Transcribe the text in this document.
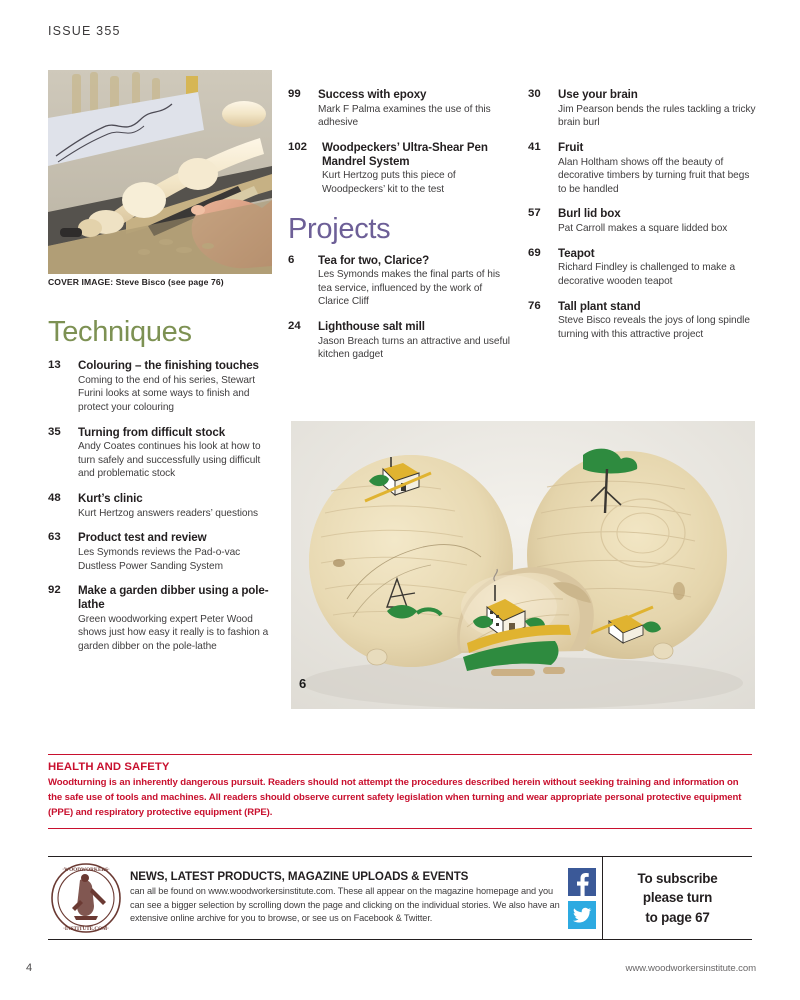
ISSUE 355
COVER IMAGE: Steve Bisco (see page 76)
Techniques
13 Colouring – the finishing touches
Coming to the end of his series, Stewart Furini looks at some ways to finish and protect your colouring
35 Turning from difficult stock
Andy Coates continues his look at how to turn safely and successfully using difficult and problematic stock
48 Kurt’s clinic
Kurt Hertzog answers readers’ questions
63 Product test and review
Les Symonds reviews the Pad-o-vac Dustless Power Sanding System
92 Make a garden dibber using a pole-lathe
Green woodworking expert Peter Wood shows just how easy it really is to fashion a garden dibber on the pole-lathe
99 Success with epoxy
Mark F Palma examines the use of this adhesive
102 Woodpeckers’ Ultra-Shear Pen Mandrel System
Kurt Hertzog puts this piece of Woodpeckers’ kit to the test
Projects
6 Tea for two, Clarice?
Les Symonds makes the final parts of his tea service, influenced by the work of Clarice Cliff
24 Lighthouse salt mill
Jason Breach turns an attractive and useful kitchen gadget
30 Use your brain
Jim Pearson bends the rules tackling a tricky brain burl
41 Fruit
Alan Holtham shows off the beauty of decorative timbers by turning fruit that begs to be handled
57 Burl lid box
Pat Carroll makes a square lidded box
69 Teapot
Richard Findley is challenged to make a decorative wooden teapot
76 Tall plant stand
Steve Bisco reveals the joys of long spindle turning with this attractive project
6
HEALTH AND SAFETY
Woodturning is an inherently dangerous pursuit. Readers should not attempt the procedures described herein without seeking training and information on the safe use of tools and machines. All readers should observe current safety legislation when turning and wear appropriate personal protective equipment (PPE) and respiratory protective equipment (RPE).
·WOODWORKERS·
·INSTITUTE.COM·
NEWS, LATEST PRODUCTS, MAGAZINE UPLOADS & EVENTS
can all be found on www.woodworkersinstitute.com. These all appear on the magazine homepage and you can see a bigger selection by scrolling down the page and clicking on the individual stories. We also have an extensive online archive for you to browse, or see us on Facebook & Twitter.
To subscribe
please turn
to page 67
4	www.woodworkersinstitute.com
